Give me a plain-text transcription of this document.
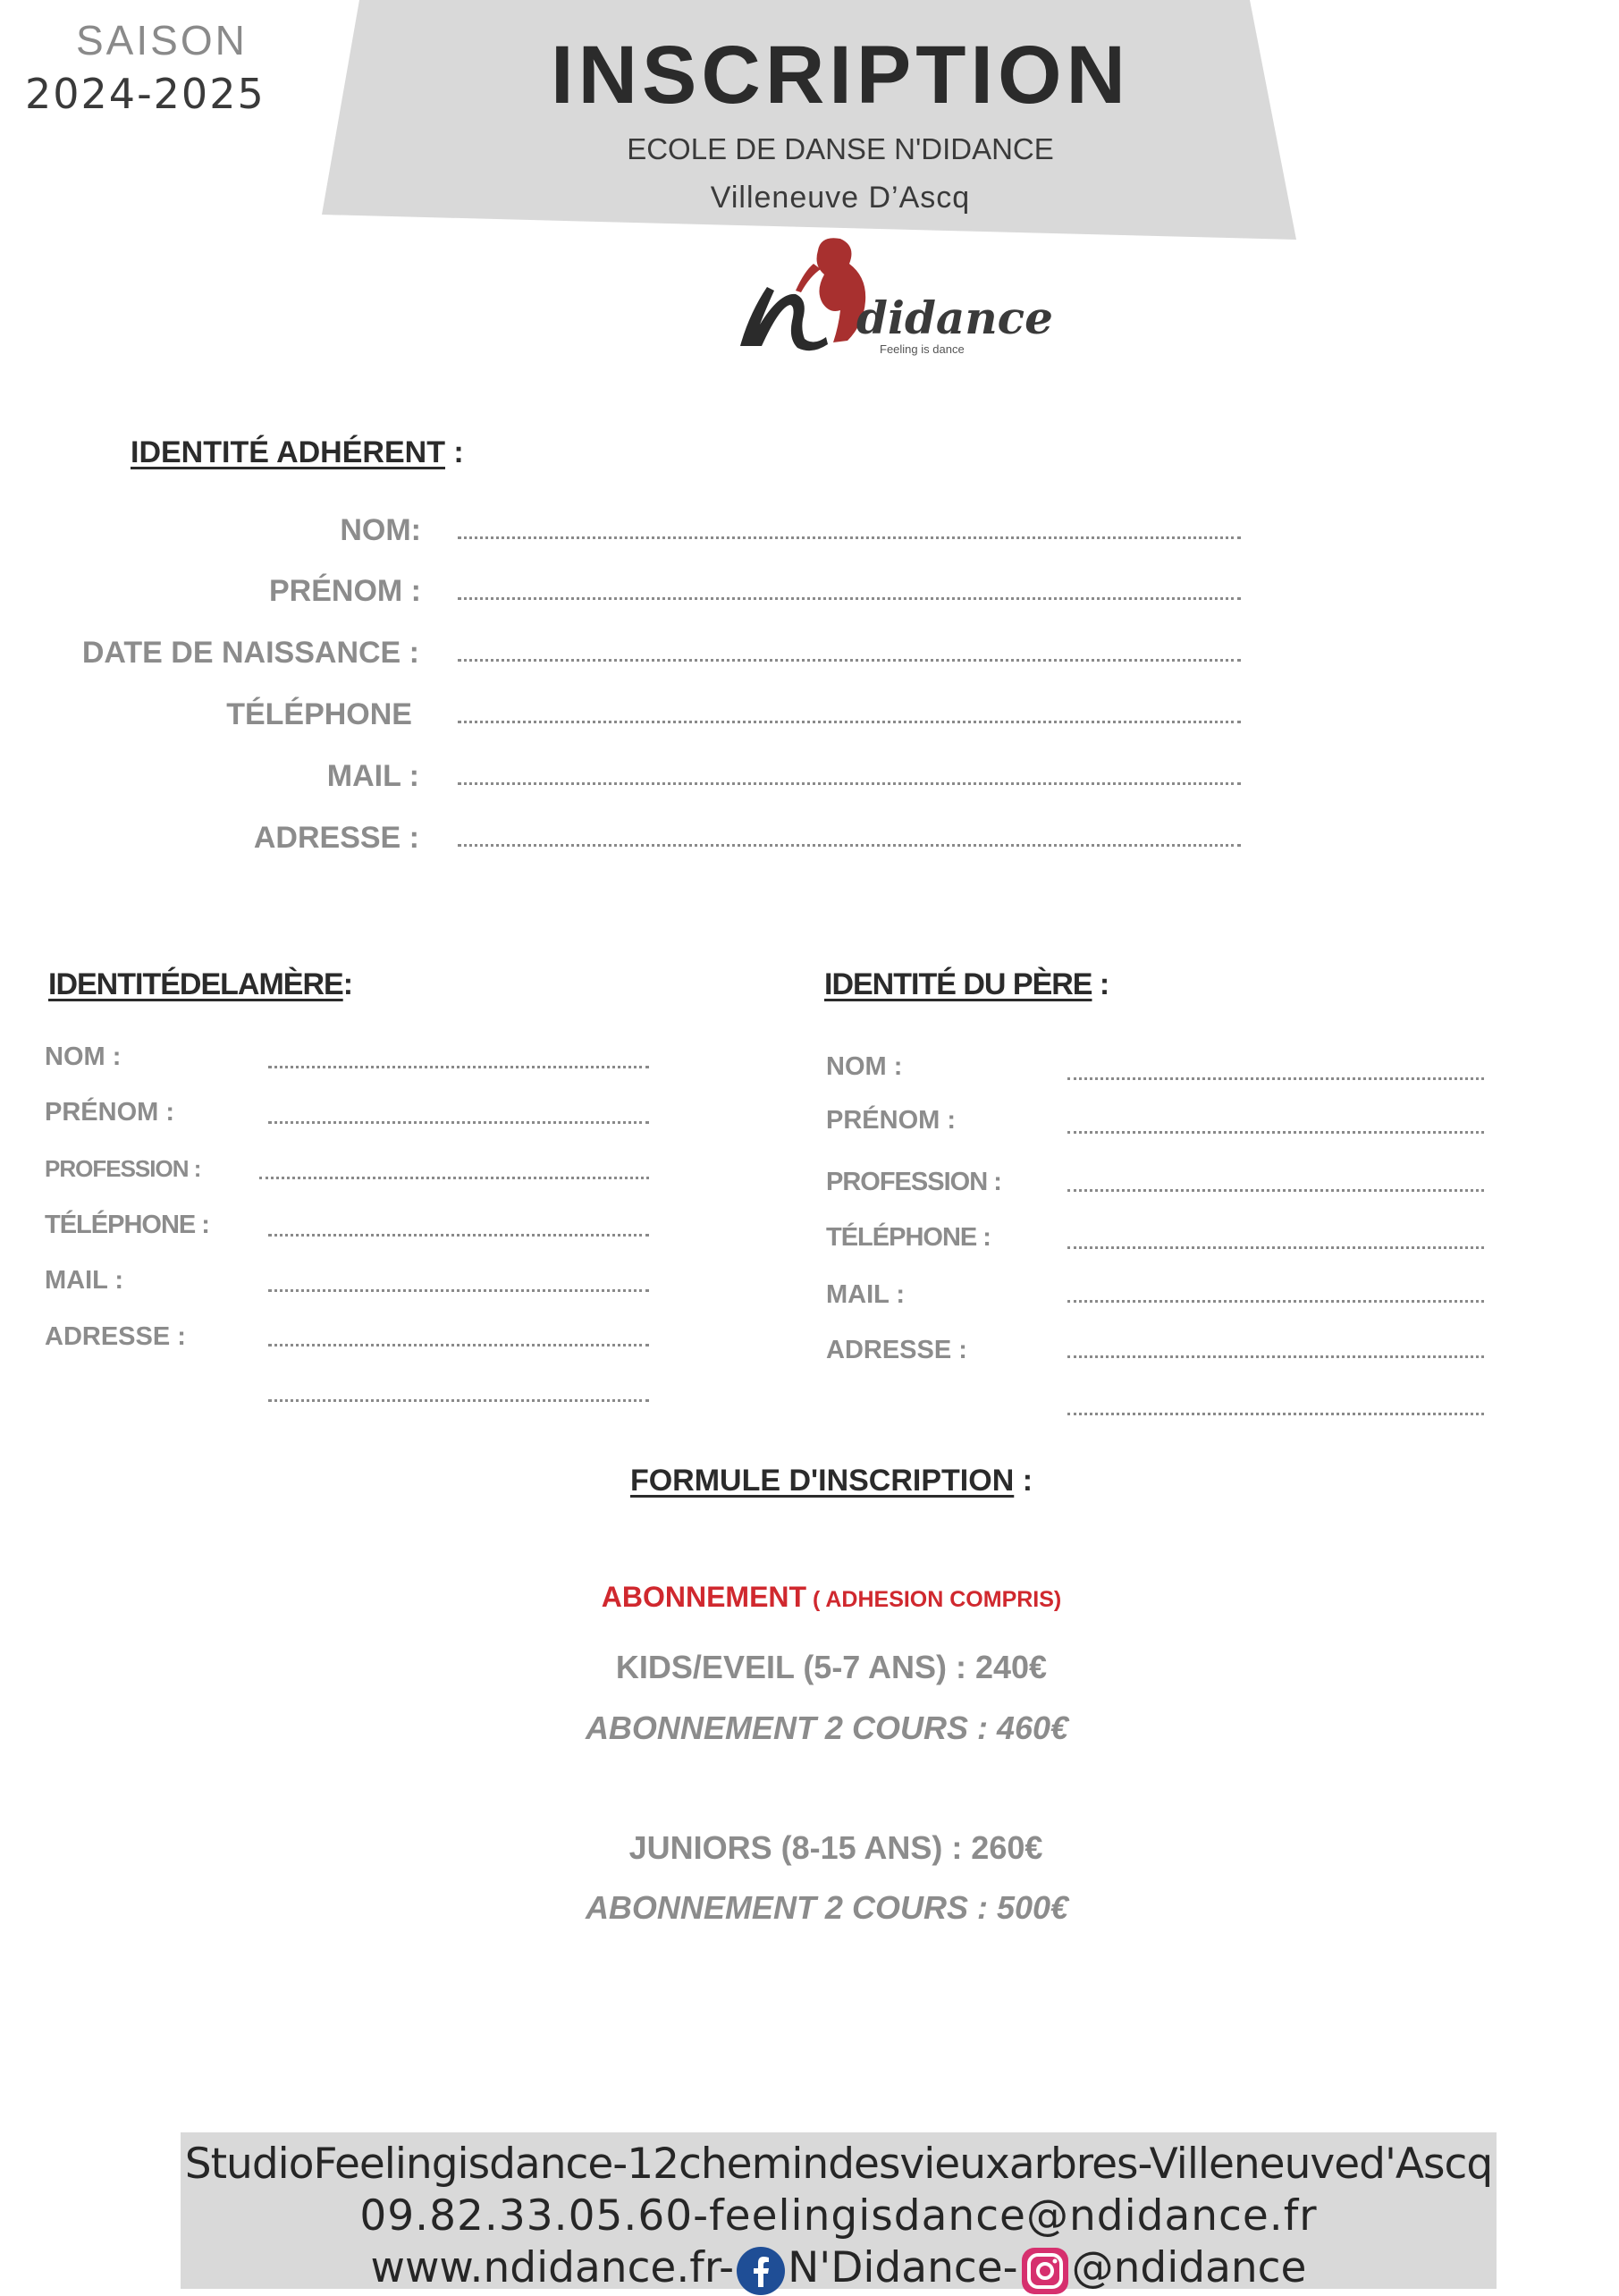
SAISON
2024-2025	INSCRIPTION
ECOLE DE DANSE N'DIDANCE
Villeneuve D’Ascq
didance
Feeling is dance
IDENTITÉ ADHÉRENT :
NOM:
PRÉNOM :
DATE DE NAISSANCE :
TÉLÉPHONE
MAIL :
ADRESSE :
IDENTITÉDELAMÈRE:
NOM :
PRÉNOM :
PROFESSION :
TÉLÉPHONE :
MAIL :
ADRESSE :
IDENTITÉ DU PÈRE :
NOM :
PRÉNOM :
PROFESSION :
TÉLÉPHONE :
MAIL :
ADRESSE :
FORMULE D'INSCRIPTION :
ABONNEMENT ( ADHESION COMPRIS)
KIDS/EVEIL (5-7 ANS) : 240€
ABONNEMENT 2 COURS : 460€
JUNIORS (8-15 ANS) : 260€
ABONNEMENT 2 COURS : 500€
StudioFeelingisdance-12chemindesvieuxarbres-Villeneuved'Ascq
09.82.33.05.60-feelingisdance@ndidance.fr
www.ndidance.fr- N'Didance- @ndidance
